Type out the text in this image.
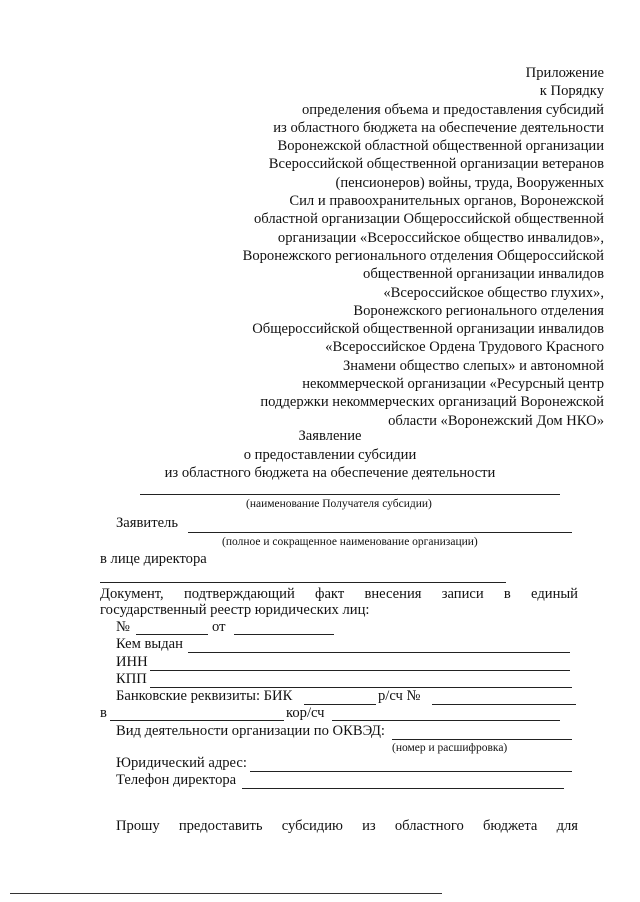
Приложение
к Порядку
определения объема и предоставления субсидий
из областного бюджета на обеспечение деятельности
Воронежской областной общественной организации
Всероссийской общественной организации ветеранов
(пенсионеров) войны, труда, Вооруженных
Сил и правоохранительных органов, Воронежской
областной организации Общероссийской общественной
организации «Всероссийское общество инвалидов»,
Воронежского регионального отделения Общероссийской
общественной организации инвалидов
«Всероссийское общество глухих»,
Воронежского регионального отделения
Общероссийской общественной организации инвалидов
«Всероссийское Ордена Трудового Красного
Знамени общество слепых» и автономной
некоммерческой организации «Ресурсный центр
поддержки некоммерческих организаций Воронежской
области «Воронежский Дом НКО»
Заявление
о предоставлении субсидии
из областного бюджета на обеспечение деятельности
(наименование Получателя субсидии)
Заявитель
(полное и сокращенное наименование организации)
в лице директора
Документ, подтверждающий факт внесения записи в единый
государственный реестр юридических лиц:
№	от
Кем выдан
ИНН
КПП
Банковские реквизиты: БИК	р/сч №
в	кор/сч
Вид деятельности организации по ОКВЭД:
(номер и расшифровка)
Юридический адрес:
Телефон директора
Прошу предоставить субсидию из областного бюджета для
